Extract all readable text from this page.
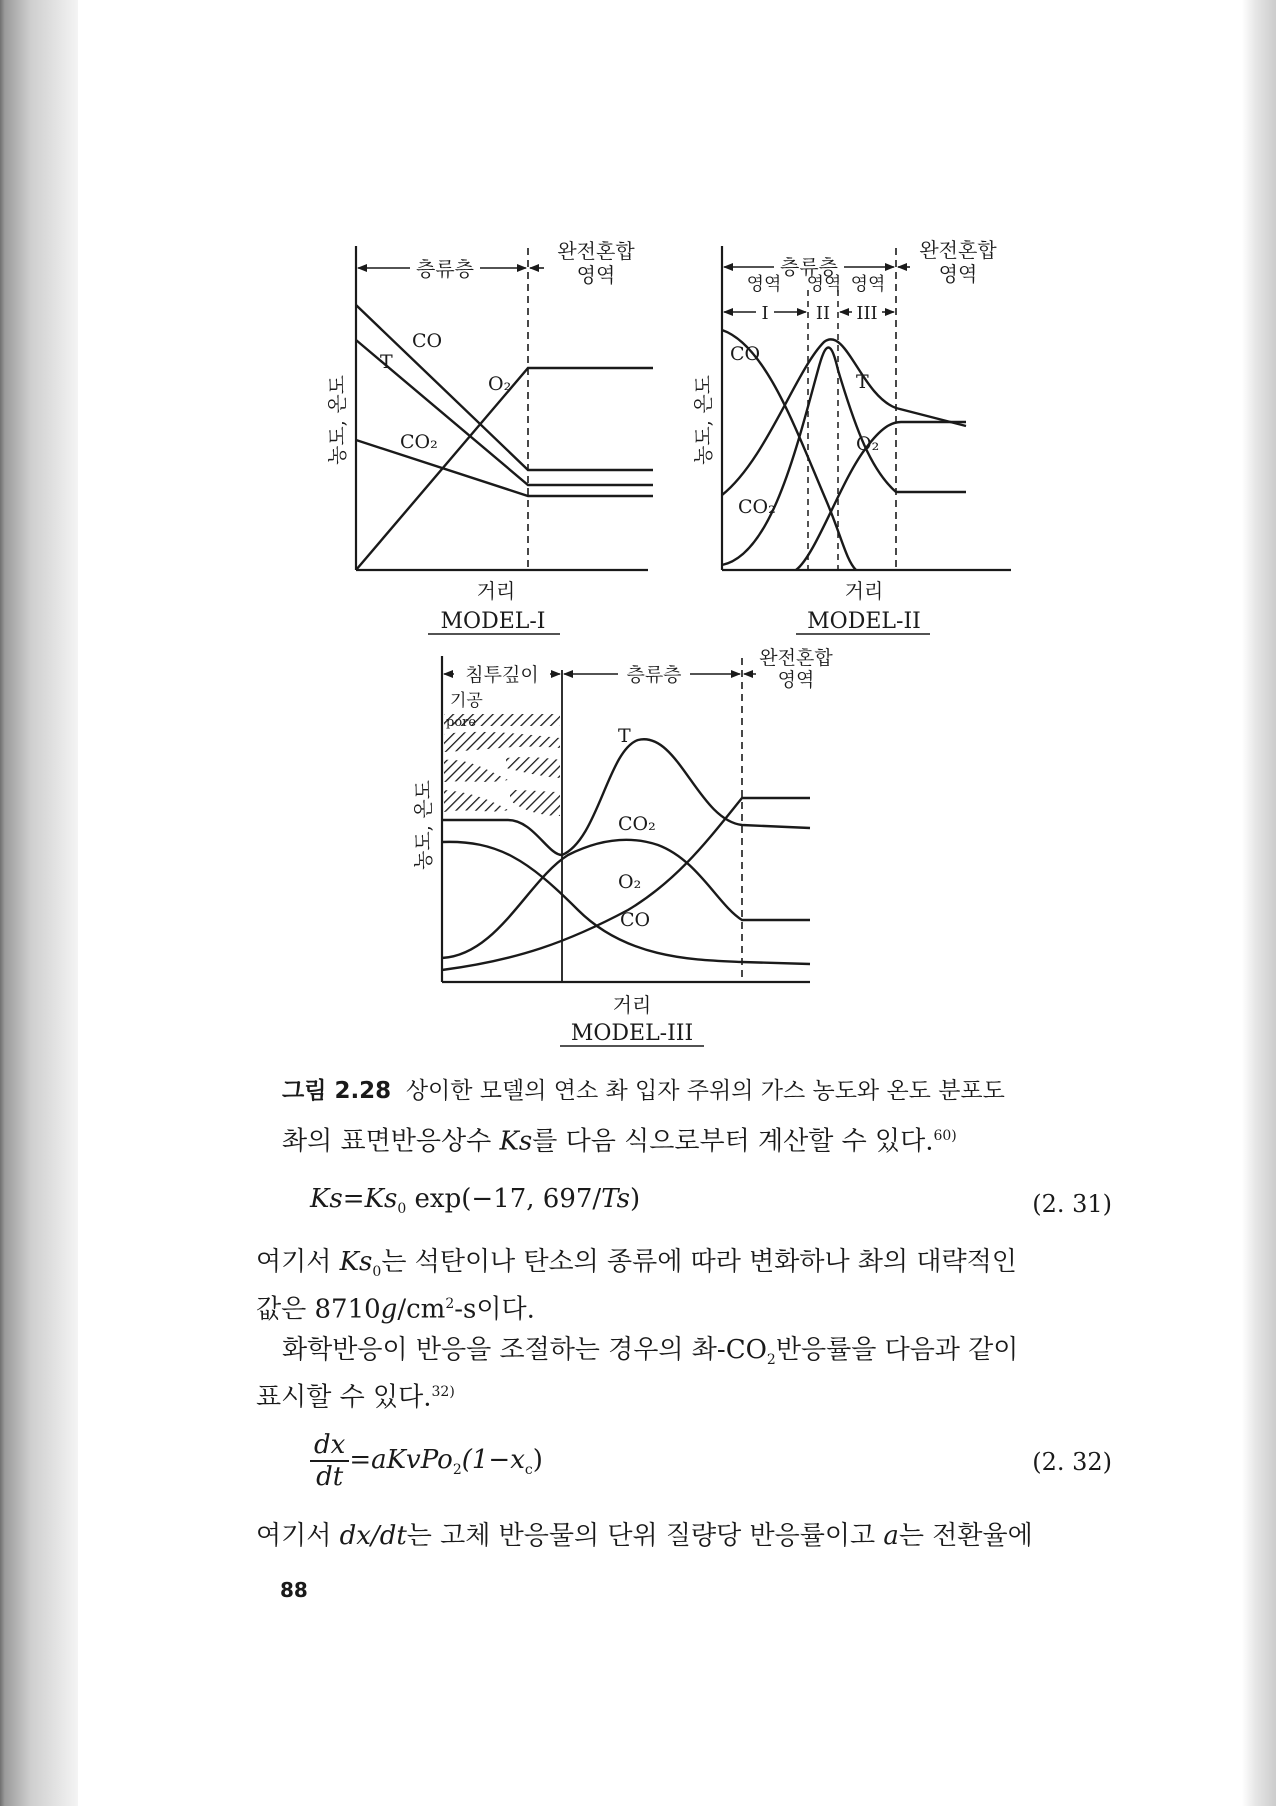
층류층
완전혼합
영역
CO
T
O₂
CO₂
농도, 온도
거리
MODEL-I
층류층
완전혼합
영역
영역 영역 영역
I	II III
CO
T
O₂
CO₂
농도, 온도
거리
MODEL-II
침투깊이	층류층
완전혼합
영역
기공
pore
T
CO₂
O₂
CO
농도, 온도
거리
MODEL-III
그림 2.28 상이한 모델의 연소 촤 입자 주위의 가스 농도와 온도 분포도
촤의 표면반응상수 Ks를 다음 식으로부터 계산할 수 있다.$^{60)}$
$Ks=Ks_0$ exp(−17, 697/Ts)	(2. 31)
여기서 $Ks_0$는 석탄이나 탄소의 종류에 따라 변화하나 촤의 대략적인
값은 $8710g/cm^2-s$이다.
화학반응이 반응을 조절하는 경우의 촤$-CO_2$반응률을 다음과 같이
표시할 수 있다.$^{32)}$
$\frac{dx}{dt}$ $=aKvPo_2(1-x_c)$	(2. 32)
여기서 dx/dt는 고체 반응물의 단위 질량당 반응률이고 a는 전환율에
88
